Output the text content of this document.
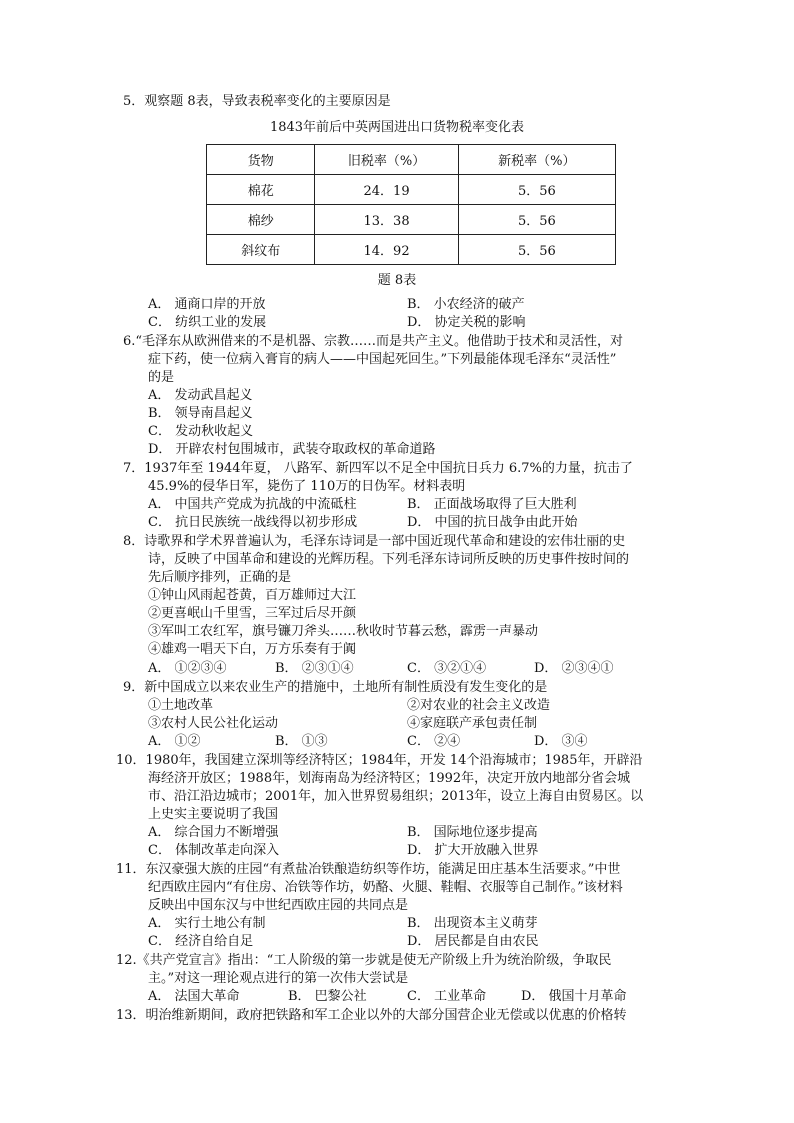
5．观察题 8表，导致表税率变化的主要原因是
1843年前后中英两国进出口货物税率变化表
货物	旧税率（%）	新税率（%）
棉花	24．19	5．56
棉纱	13．38	5．56
斜纹布	14．92	5．56
题 8表
A． 通商口岸的开放	B． 小农经济的破产
C． 纺织工业的发展	D． 协定关税的影响
6.“毛泽东从欧洲借来的不是机器、宗教……而是共产主义。他借助于技术和灵活性，对
症下药，使一位病入膏肓的病人——中国起死回生。”下列最能体现毛泽东“灵活性”
的是
A． 发动武昌起义
B． 领导南昌起义
C． 发动秋收起义
D． 开辟农村包围城市，武装夺取政权的革命道路
7．1937年至 1944年夏， 八路军、新四军以不足全中国抗日兵力 6.7%的力量，抗击了
45.9%的侵华日军，毙伤了 110万的日伪军。材料表明
A． 中国共产党成为抗战的中流砥柱	B． 正面战场取得了巨大胜利
C． 抗日民族统一战线得以初步形成	D． 中国的抗日战争由此开始
8．诗歌界和学术界普遍认为，毛泽东诗词是一部中国近现代革命和建设的宏伟壮丽的史
诗，反映了中国革命和建设的光辉历程。下列毛泽东诗词所反映的历史事件按时间的
先后顺序排列，正确的是
①钟山风雨起苍黄，百万雄师过大江
②更喜岷山千里雪，三军过后尽开颜
③军叫工农红军，旗号镰刀斧头……秋收时节暮云愁，霹雳一声暴动
④雄鸡一唱天下白，万方乐奏有于阗
A． ①②③④	B． ②③①④	C． ③②①④	D． ②③④①
9．新中国成立以来农业生产的措施中，土地所有制性质没有发生变化的是
①土地改革	②对农业的社会主义改造
③农村人民公社化运动	④家庭联产承包责任制
A． ①②	B． ①③	C． ②④	D． ③④
10．1980年，我国建立深圳等经济特区；1984年，开发 14个沿海城市；1985年，开辟沿
海经济开放区；1988年，划海南岛为经济特区；1992年，决定开放内地部分省会城
市、沿江沿边城市；2001年，加入世界贸易组织；2013年，设立上海自由贸易区。以
上史实主要说明了我国
A． 综合国力不断增强	B． 国际地位逐步提高
C． 体制改革走向深入	D． 扩大开放融入世界
11．东汉豪强大族的庄园“有煮盐冶铁酿造纺织等作坊，能满足田庄基本生活要求。”中世
纪西欧庄园内“有住房、冶铁等作坊，奶酪、火腿、鞋帽、衣服等自己制作。”该材料
反映出中国东汉与中世纪西欧庄园的共同点是
A． 实行土地公有制	B． 出现资本主义萌芽
C． 经济自给自足	D． 居民都是自由农民
12.《共产党宣言》指出：“工人阶级的第一步就是使无产阶级上升为统治阶级，争取民
主。”对这一理论观点进行的第一次伟大尝试是
A． 法国大革命	B． 巴黎公社	C． 工业革命	D． 俄国十月革命
13．明治维新期间，政府把铁路和军工企业以外的大部分国营企业无偿或以优惠的价格转
